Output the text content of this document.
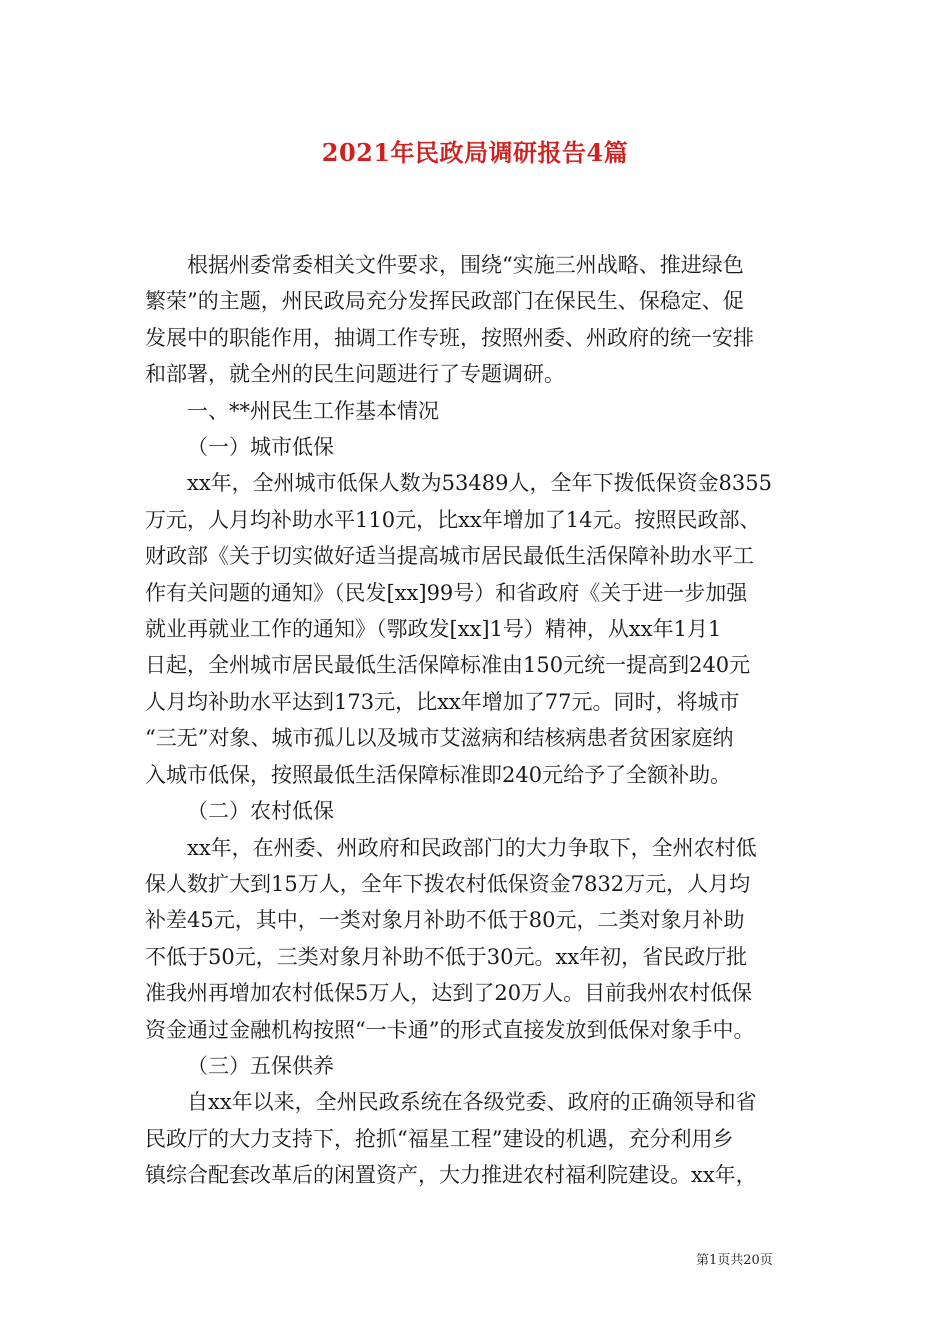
2021年民政局调研报告4篇

根据州委常委相关文件要求，围绕“实施三州战略、推进绿色
繁荣”的主题，州民政局充分发挥民政部门在保民生、保稳定、促
发展中的职能作用，抽调工作专班，按照州委、州政府的统一安排
和部署，就全州的民生问题进行了专题调研。

一、**州民生工作基本情况

（一）城市低保

xx年，全州城市低保人数为53489人，全年下拨低保资金8355
万元，人月均补助水平110元，比xx年增加了14元。按照民政部、
财政部《关于切实做好适当提高城市居民最低生活保障补助水平工
作有关问题的通知》（民发[xx]99号）和省政府《关于进一步加强
就业再就业工作的通知》（鄂政发[xx]1号）精神，从xx年1月1
日起，全州城市居民最低生活保障标准由150元统一提高到240元
人月均补助水平达到173元，比xx年增加了77元。同时，将城市
“三无”对象、城市孤儿以及城市艾滋病和结核病患者贫困家庭纳
入城市低保，按照最低生活保障标准即240元给予了全额补助。

（二）农村低保

xx年，在州委、州政府和民政部门的大力争取下，全州农村低
保人数扩大到15万人，全年下拨农村低保资金7832万元，人月均
补差45元，其中，一类对象月补助不低于80元，二类对象月补助
不低于50元，三类对象月补助不低于30元。xx年初，省民政厅批
准我州再增加农村低保5万人，达到了20万人。目前我州农村低保
资金通过金融机构按照“一卡通”的形式直接发放到低保对象手中。

（三）五保供养

自xx年以来，全州民政系统在各级党委、政府的正确领导和省
民政厅的大力支持下，抢抓“福星工程”建设的机遇，充分利用乡
镇综合配套改革后的闲置资产，大力推进农村福利院建设。xx年，

第1页共20页
